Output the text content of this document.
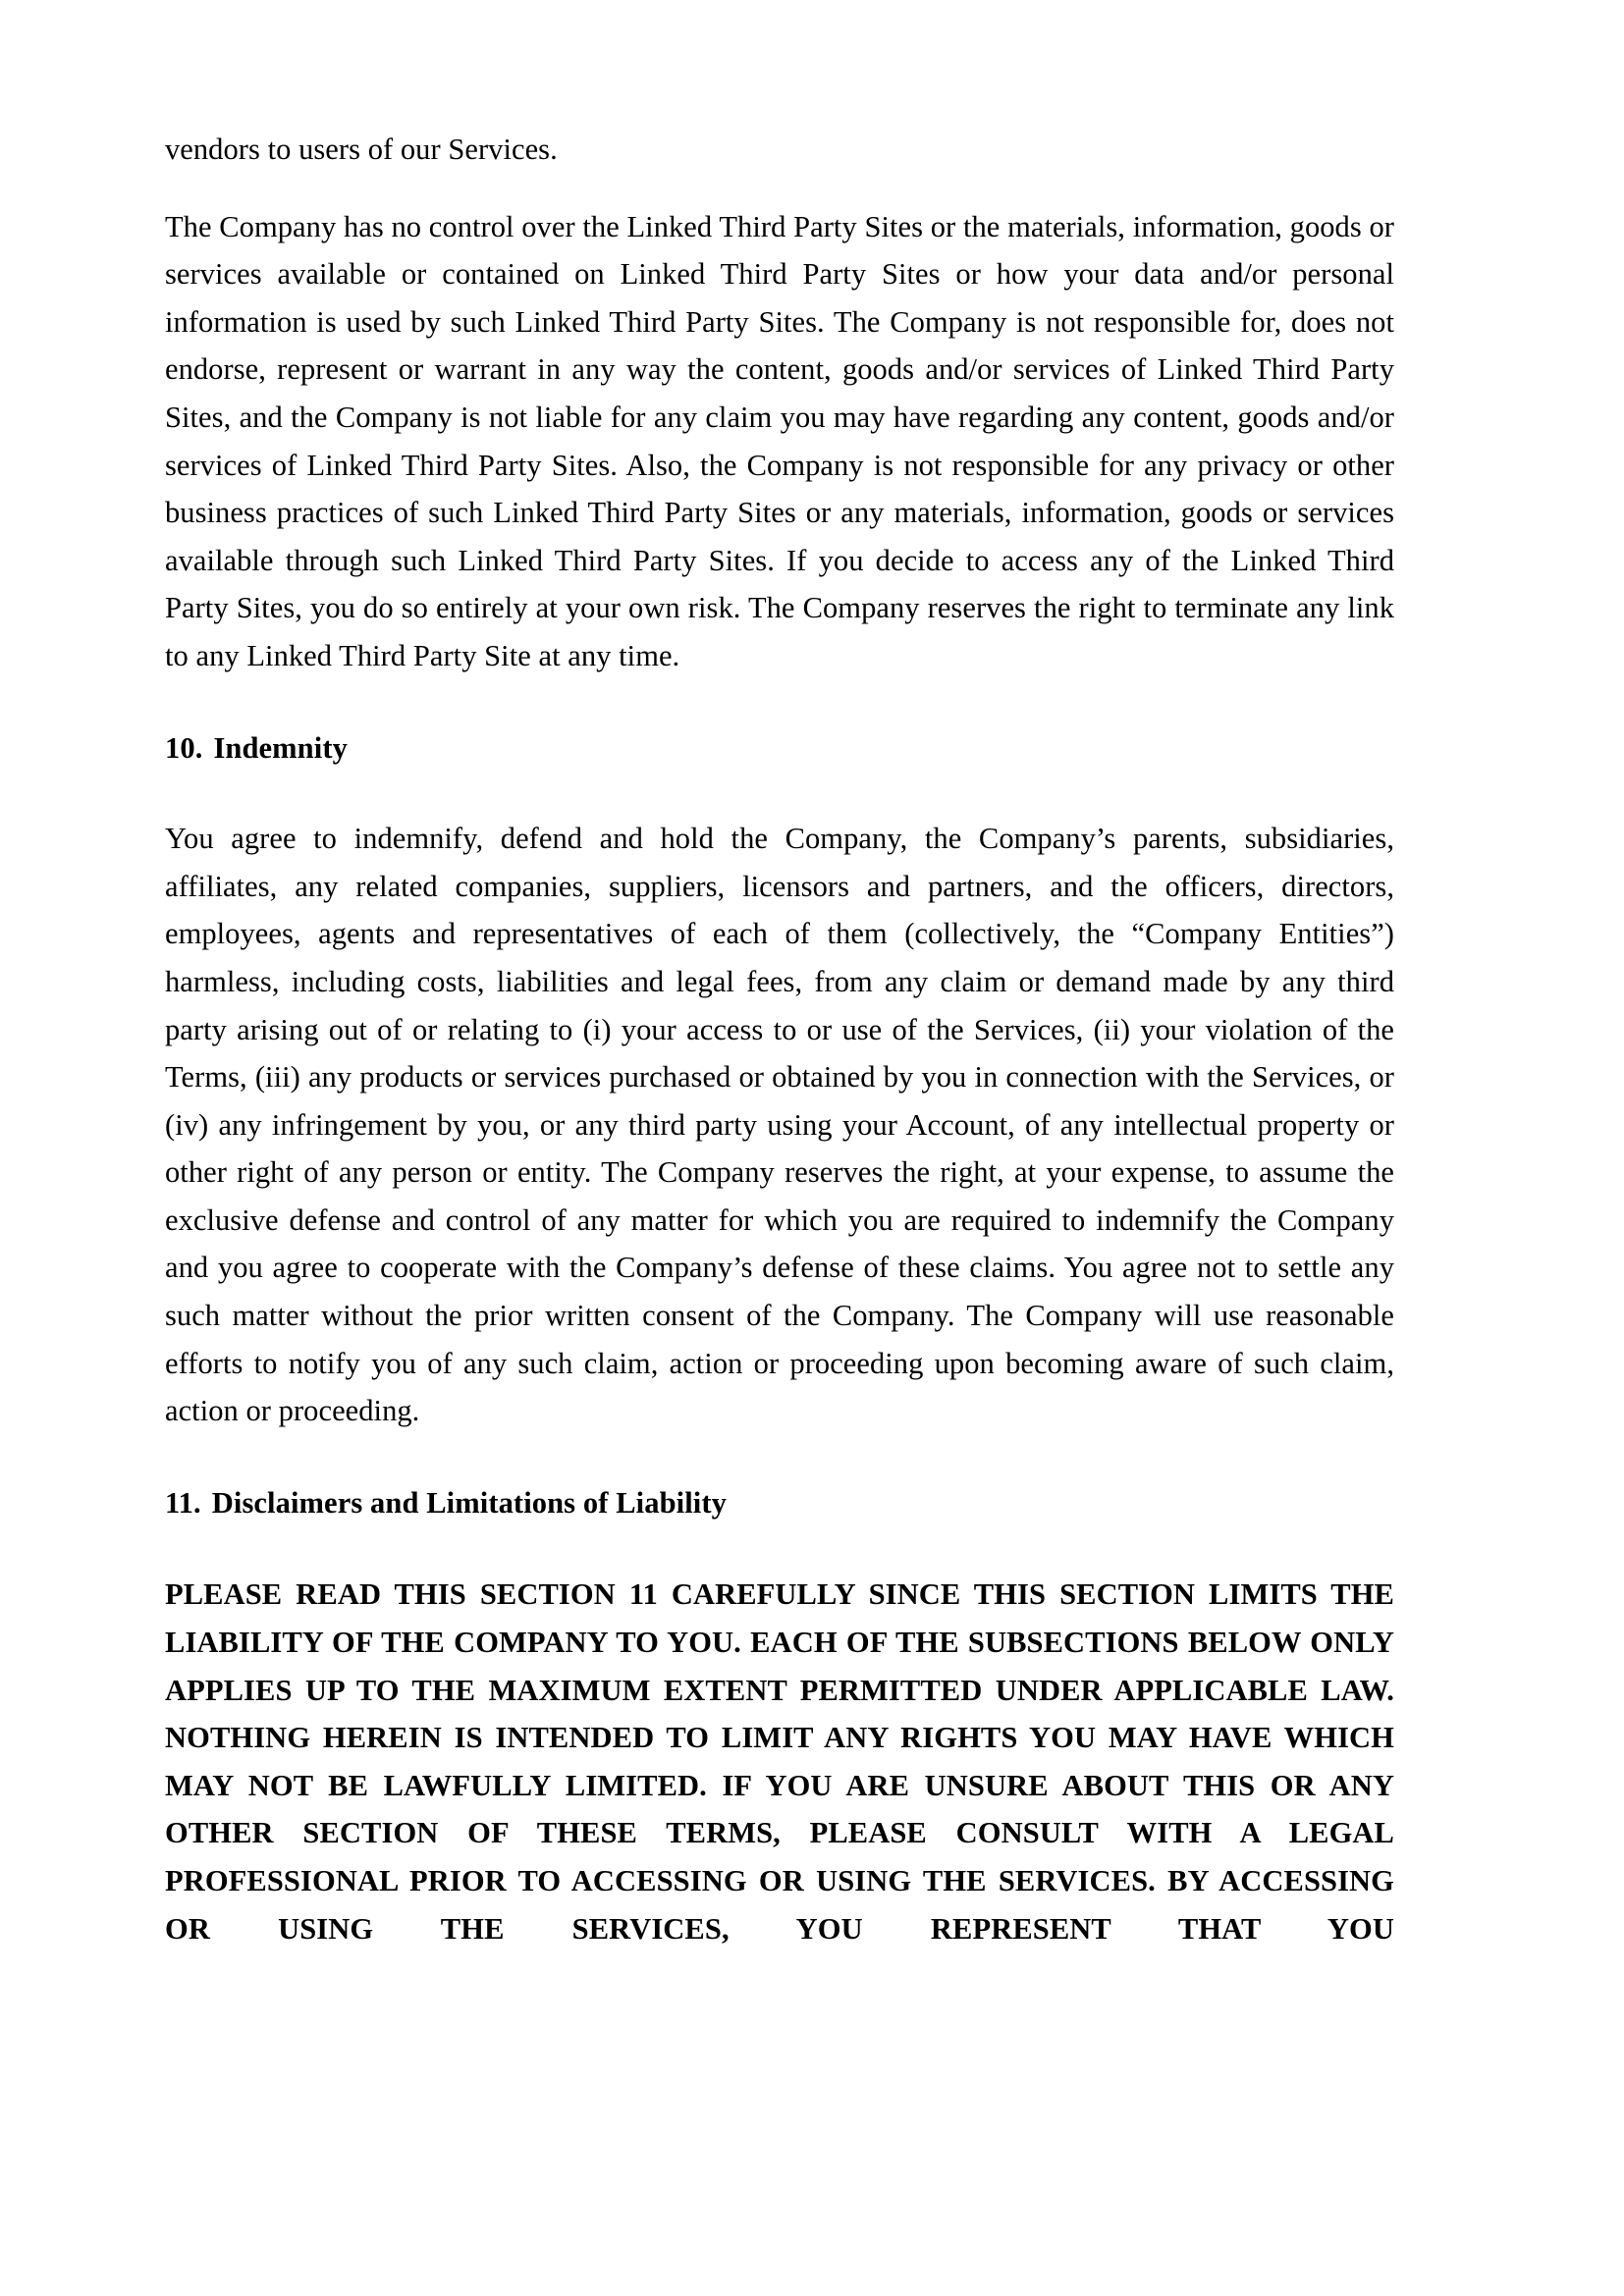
vendors to users of our Services.

The Company has no control over the Linked Third Party Sites or the materials, information, goods or services available or contained on Linked Third Party Sites or how your data and/or personal information is used by such Linked Third Party Sites. The Company is not responsible for, does not endorse, represent or warrant in any way the content, goods and/or services of Linked Third Party Sites, and the Company is not liable for any claim you may have regarding any content, goods and/or services of Linked Third Party Sites. Also, the Company is not responsible for any privacy or other business practices of such Linked Third Party Sites or any materials, information, goods or services available through such Linked Third Party Sites. If you decide to access any of the Linked Third Party Sites, you do so entirely at your own risk. The Company reserves the right to terminate any link to any Linked Third Party Site at any time.

10. Indemnity

You agree to indemnify, defend and hold the Company, the Company’s parents, subsidiaries, affiliates, any related companies, suppliers, licensors and partners, and the officers, directors, employees, agents and representatives of each of them (collectively, the “Company Entities”) harmless, including costs, liabilities and legal fees, from any claim or demand made by any third party arising out of or relating to (i) your access to or use of the Services, (ii) your violation of the Terms, (iii) any products or services purchased or obtained by you in connection with the Services, or (iv) any infringement by you, or any third party using your Account, of any intellectual property or other right of any person or entity. The Company reserves the right, at your expense, to assume the exclusive defense and control of any matter for which you are required to indemnify the Company and you agree to cooperate with the Company’s defense of these claims. You agree not to settle any such matter without the prior written consent of the Company. The Company will use reasonable efforts to notify you of any such claim, action or proceeding upon becoming aware of such claim, action or proceeding.

11. Disclaimers and Limitations of Liability

PLEASE READ THIS SECTION 11 CAREFULLY SINCE THIS SECTION LIMITS THE LIABILITY OF THE COMPANY TO YOU. EACH OF THE SUBSECTIONS BELOW ONLY APPLIES UP TO THE MAXIMUM EXTENT PERMITTED UNDER APPLICABLE LAW. NOTHING HEREIN IS INTENDED TO LIMIT ANY RIGHTS YOU MAY HAVE WHICH MAY NOT BE LAWFULLY LIMITED. IF YOU ARE UNSURE ABOUT THIS OR ANY OTHER SECTION OF THESE TERMS, PLEASE CONSULT WITH A LEGAL PROFESSIONAL PRIOR TO ACCESSING OR USING THE SERVICES. BY ACCESSING OR USING THE SERVICES, YOU REPRESENT THAT YOU
